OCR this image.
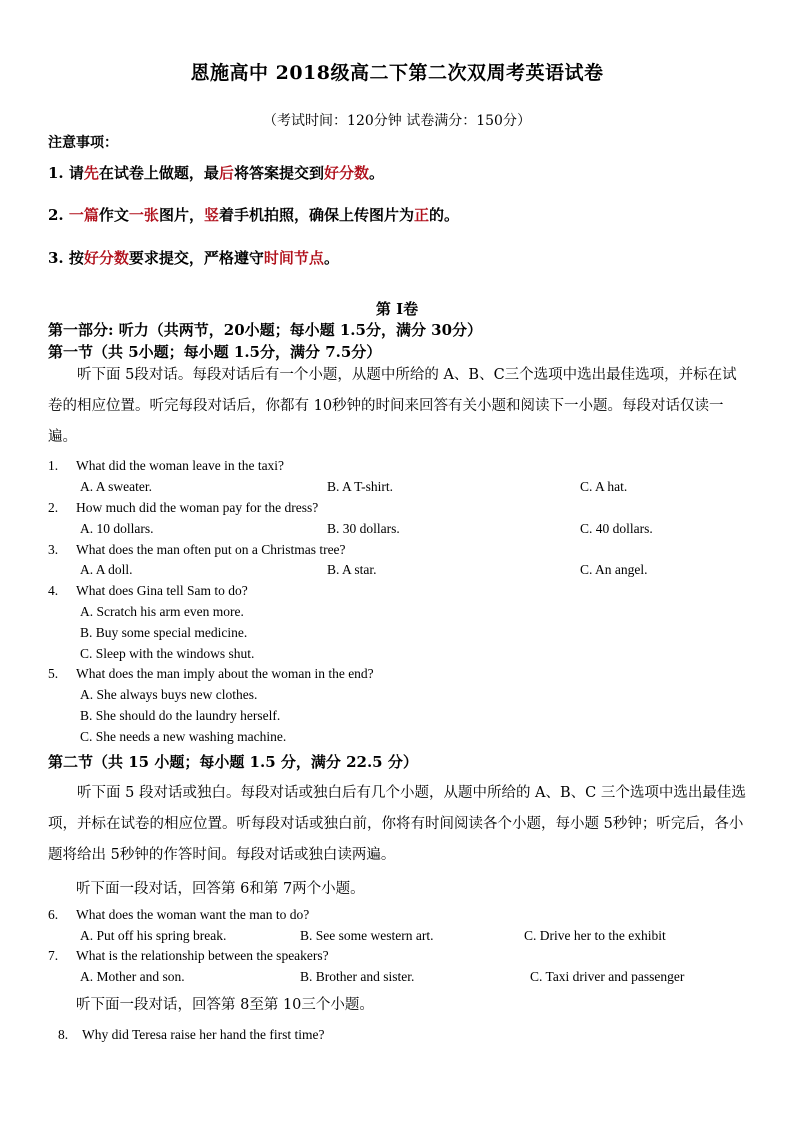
恩施高中 2018级高二下第二次双周考英语试卷
（考试时间：120分钟 试卷满分：150分）
注意事项：
1. 请先在试卷上做题，最后将答案提交到好分数。
2. 一篇作文一张图片，竖着手机拍照，确保上传图片为正的。
3. 按好分数要求提交，严格遵守时间节点。
第 I卷
第一部分: 听力（共两节，20小题；每小题 1.5分，满分 30分）
第一节（共 5小题；每小题 1.5分，满分 7.5分）
听下面 5段对话。每段对话后有一个小题，从题中所给的 A、B、C三个选项中选出最佳选项，并标在试卷的相应位置。听完每段对话后，你都有 10秒钟的时间来回答有关小题和阅读下一小题。每段对话仅读一遍。
1. What did the woman leave in the taxi?
A. A sweater.	B. A T-shirt.	C. A hat.
2. How much did the woman pay for the dress?
A. 10 dollars.	B. 30 dollars.	C. 40 dollars.
3. What does the man often put on a Christmas tree?
A. A doll.	B. A star.	C. An angel.
4. What does Gina tell Sam to do?
A. Scratch his arm even more.
B. Buy some special medicine.
C. Sleep with the windows shut.
5. What does the man imply about the woman in the end?
A. She always buys new clothes.
B. She should do the laundry herself.
C. She needs a new washing machine.
第二节（共 15 小题；每小题 1.5 分，满分 22.5 分）
听下面 5 段对话或独白。每段对话或独白后有几个小题，从题中所给的 A、B、C 三个选项中选出最佳选项，并标在试卷的相应位置。听每段对话或独白前，你将有时间阅读各个小题，每小题 5秒钟；听完后，各小题将给出 5秒钟的作答时间。每段对话或独白读两遍。
听下面一段对话，回答第 6和第 7两个小题。
6. What does the woman want the man to do?
A. Put off his spring break.	B. See some western art.	C. Drive her to the exhibit
7. What is the relationship between the speakers?
A. Mother and son.	B. Brother and sister.	C. Taxi driver and passenger
听下面一段对话，回答第 8至第 10三个小题。
8. Why did Teresa raise her hand the first time?
